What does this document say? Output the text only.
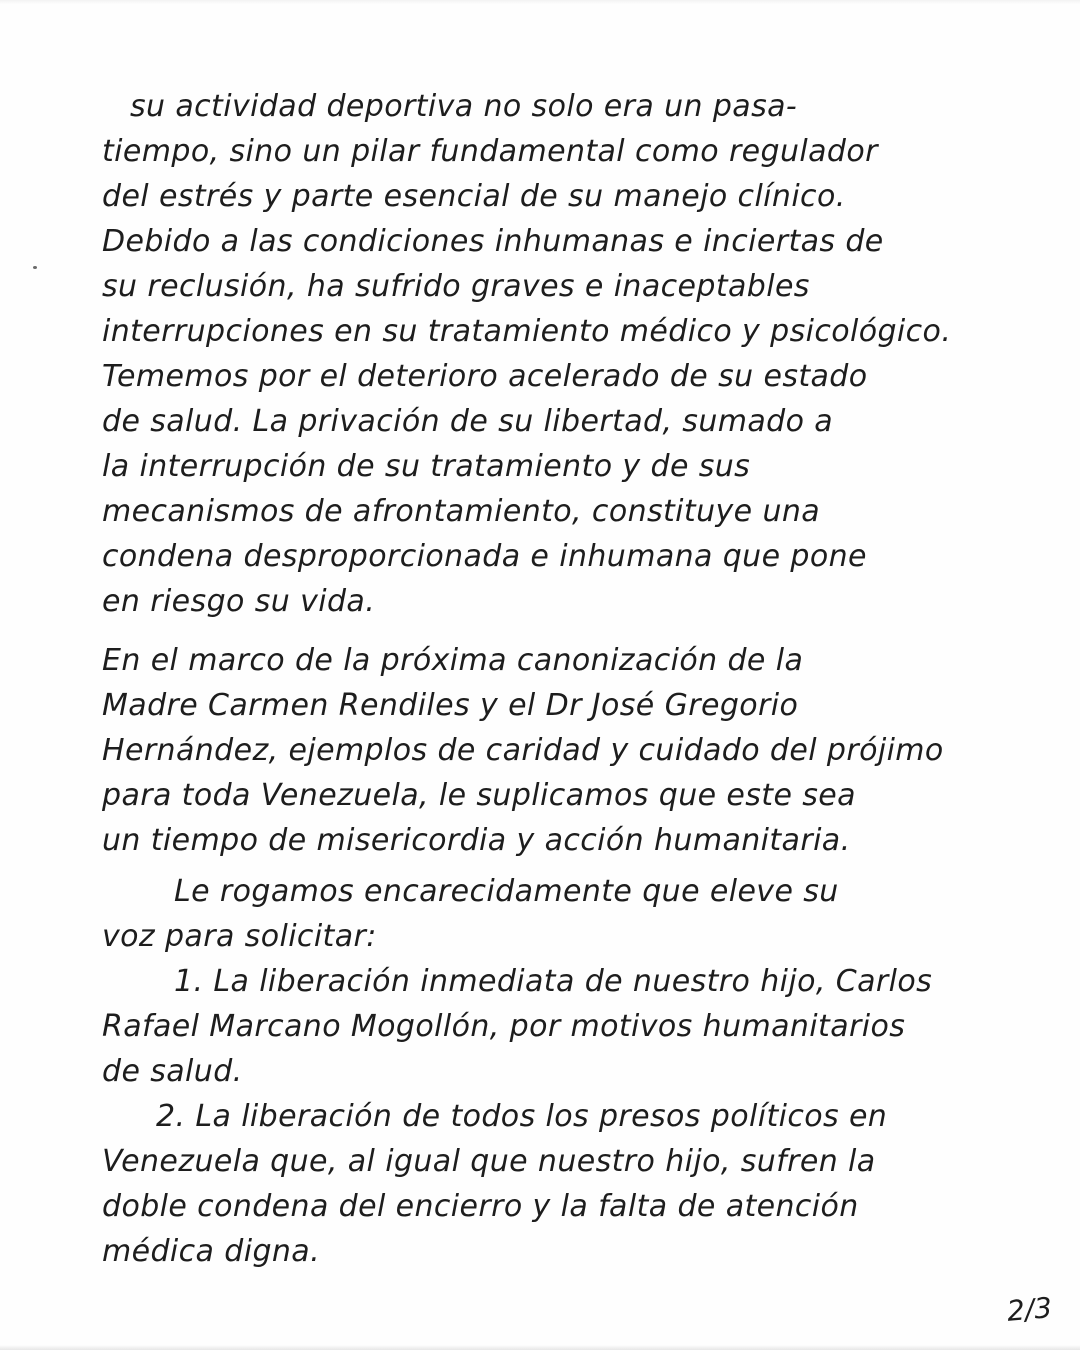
su actividad deportiva no solo era un pasa-
tiempo, sino un pilar fundamental como regulador
del estrés y parte esencial de su manejo clínico.
Debido a las condiciones inhumanas e inciertas de
su reclusión, ha sufrido graves e inaceptables
interrupciones en su tratamiento médico y psicológico.
Tememos por el deterioro acelerado de su estado
de salud. La privación de su libertad, sumado a
la interrupción de su tratamiento y de sus
mecanismos de afrontamiento, constituye una
condena desproporcionada e inhumana que pone
en riesgo su vida.
En el marco de la próxima canonización de la
Madre Carmen Rendiles y el Dr José Gregorio
Hernández, ejemplos de caridad y cuidado del prójimo
para toda Venezuela, le suplicamos que este sea
un tiempo de misericordia y acción humanitaria.
Le rogamos encarecidamente que eleve su
voz para solicitar:
1. La liberación inmediata de nuestro hijo, Carlos
Rafael Marcano Mogollón, por motivos humanitarios
de salud.
2. La liberación de todos los presos políticos en
Venezuela que, al igual que nuestro hijo, sufren la
doble condena del encierro y la falta de atención
médica digna.
2/3
